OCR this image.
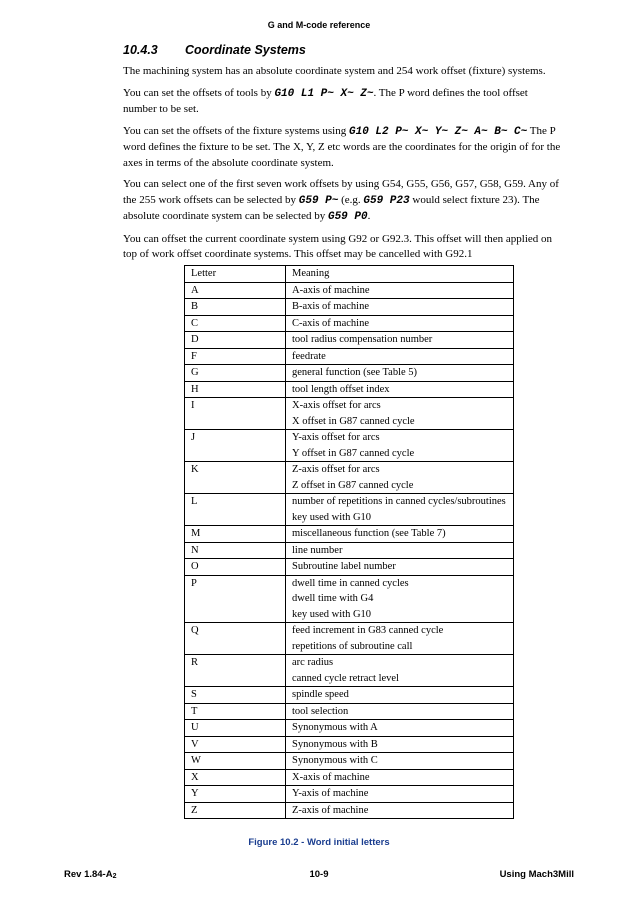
G and M-code reference
10.4.3 Coordinate Systems

The machining system has an absolute coordinate system and 254 work offset (fixture) systems.

You can set the offsets of tools by G10 L1 P~ X~ Z~. The P word defines the tool offset number to be set.

You can set the offsets of the fixture systems using G10 L2 P~ X~ Y~ Z~ A~ B~ C~ The P word defines the fixture to be set. The X, Y, Z etc words are the coordinates for the origin of for the axes in terms of the absolute coordinate system.

You can select one of the first seven work offsets by using G54, G55, G56, G57, G58, G59. Any of the 255 work offsets can be selected by G59 P~ (e.g. G59 P23 would select fixture 23). The absolute coordinate system can be selected by G59 P0.

You can offset the current coordinate system using G92 or G92.3. This offset will then applied on top of work offset coordinate systems. This offset may be cancelled with G92.1

Letter	Meaning
A	A-axis of machine

B	B-axis of machine

C	C-axis of machine

D	tool radius compensation number

F	feedrate

G	general function (see Table 5)

H	tool length offset index

I	X-axis offset for arcs
X offset in G87 canned cycle

J	Y-axis offset for arcs
Y offset in G87 canned cycle

K	Z-axis offset for arcs
Z offset in G87 canned cycle

L	number of repetitions in canned cycles/subroutines
key used with G10

M	miscellaneous function (see Table 7)

N	line number

O	Subroutine label number

P	dwell time in canned cycles
dwell time with G4
key used with G10

Q	feed increment in G83 canned cycle
repetitions of subroutine call

R	arc radius
canned cycle retract level

S	spindle speed

T	tool selection

U	Synonymous with A

V	Synonymous with B

W	Synonymous with C

X	X-axis of machine

Y	Y-axis of machine

Z	Z-axis of machine
Figure 10.2 - Word initial letters
Rev $1.84-A_2$	10-9	Using Mach3Mill
